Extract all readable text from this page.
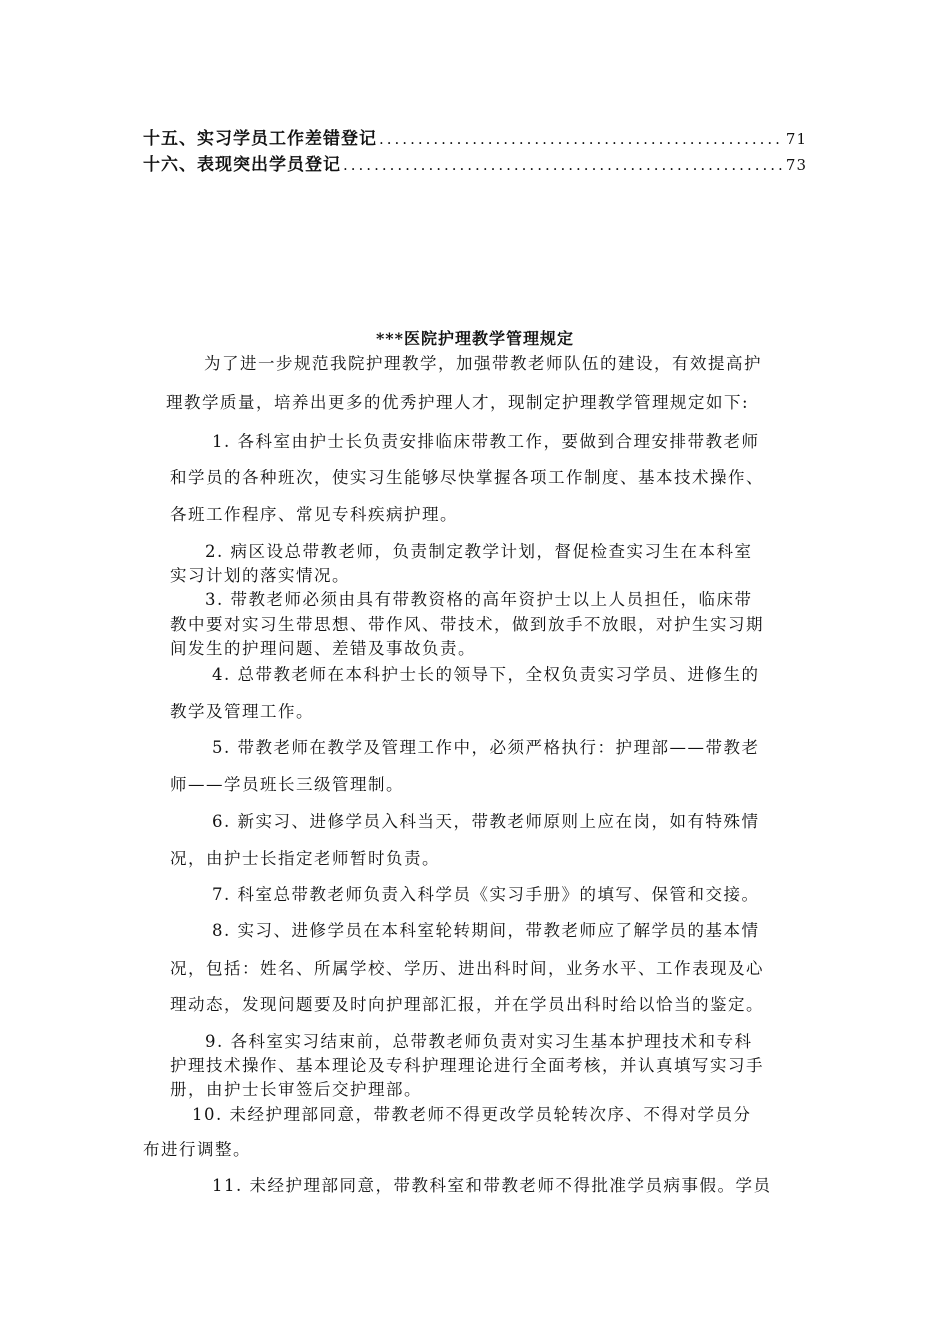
十五、实习学员工作差错登记 .....	71
十六、表现突出学员登记 .....	73
***医院护理教学管理规定
为了进一步规范我院护理教学，加强带教老师队伍的建设，有效提高护
理教学质量，培养出更多的优秀护理人才，现制定护理教学管理规定如下:
1. 各科室由护士长负责安排临床带教工作，要做到合理安排带教老师
和学员的各种班次，使实习生能够尽快掌握各项工作制度、基本技术操作、
各班工作程序、常见专科疾病护理。
2. 病区设总带教老师，负责制定教学计划，督促检查实习生在本科室
实习计划的落实情况。
3. 带教老师必须由具有带教资格的高年资护士以上人员担任，临床带
教中要对实习生带思想、带作风、带技术，做到放手不放眼，对护生实习期
间发生的护理问题、差错及事故负责。
4. 总带教老师在本科护士长的领导下，全权负责实习学员、进修生的
教学及管理工作。
5. 带教老师在教学及管理工作中，必须严格执行：护理部——带教老
师——学员班长三级管理制。
6. 新实习、进修学员入科当天，带教老师原则上应在岗，如有特殊情
况，由护士长指定老师暂时负责。
7. 科室总带教老师负责入科学员《实习手册》的填写、保管和交接。
8. 实习、进修学员在本科室轮转期间，带教老师应了解学员的基本情
况，包括：姓名、所属学校、学历、进出科时间，业务水平、工作表现及心
理动态，发现问题要及时向护理部汇报，并在学员出科时给以恰当的鉴定。
9. 各科室实习结束前，总带教老师负责对实习生基本护理技术和专科
护理技术操作、基本理论及专科护理理论进行全面考核，并认真填写实习手
册，由护士长审签后交护理部。
10. 未经护理部同意，带教老师不得更改学员轮转次序、不得对学员分
布进行调整。
11. 未经护理部同意，带教科室和带教老师不得批准学员病事假。学员
